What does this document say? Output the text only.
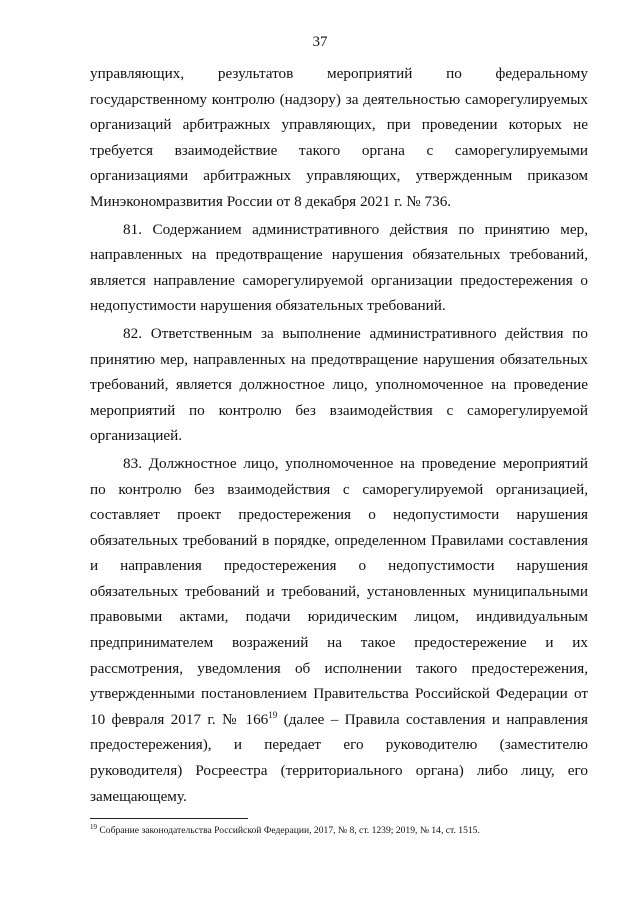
37

управляющих, результатов мероприятий по федеральному государственному контролю (надзору) за деятельностью саморегулируемых организаций арбитражных управляющих, при проведении которых не требуется взаимодействие такого органа с саморегулируемыми организациями арбитражных управляющих, утвержденным приказом Минэкономразвития России от 8 декабря 2021 г. № 736.

81. Содержанием административного действия по принятию мер, направленных на предотвращение нарушения обязательных требований, является направление саморегулируемой организации предостережения о недопустимости нарушения обязательных требований.

82. Ответственным за выполнение административного действия по принятию мер, направленных на предотвращение нарушения обязательных требований, является должностное лицо, уполномоченное на проведение мероприятий по контролю без взаимодействия с саморегулируемой организацией.

83. Должностное лицо, уполномоченное на проведение мероприятий по контролю без взаимодействия с саморегулируемой организацией, составляет проект предостережения о недопустимости нарушения обязательных требований в порядке, определенном Правилами составления и направления предостережения о недопустимости нарушения обязательных требований и требований, установленных муниципальными правовыми актами, подачи юридическим лицом, индивидуальным предпринимателем возражений на такое предостережение и их рассмотрения, уведомления об исполнении такого предостережения, утвержденными постановлением Правительства Российской Федерации от 10 февраля 2017 г. № $166^{19}$ (далее – Правила составления и направления предостережения), и передает его руководителю (заместителю руководителя) Росреестра (территориального органа) либо лицу, его замещающему.

$^{19}$ Собрание законодательства Российской Федерации, 2017, № 8, ст. 1239; 2019, № 14, ст. 1515.
